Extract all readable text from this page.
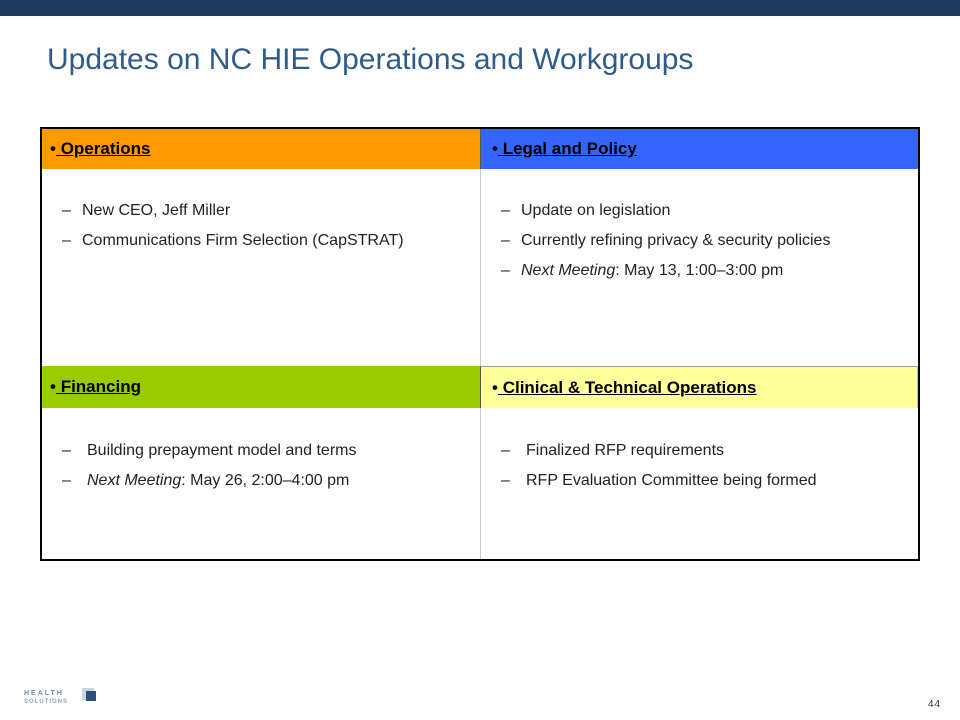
Updates on NC HIE Operations and Workgroups
• Operations	• Legal and Policy
– New CEO, Jeff Miller
– Communications Firm Selection (CapSTRAT)
– Update on legislation
– Currently refining privacy & security policies
– Next Meeting: May 13, 1:00–3:00 pm
• Financing	• Clinical & Technical Operations
– Building prepayment model and terms
– Next Meeting: May 26, 2:00–4:00 pm
– Finalized RFP requirements
– RFP Evaluation Committee being formed
HEALTH
SOLUTIONS	44
